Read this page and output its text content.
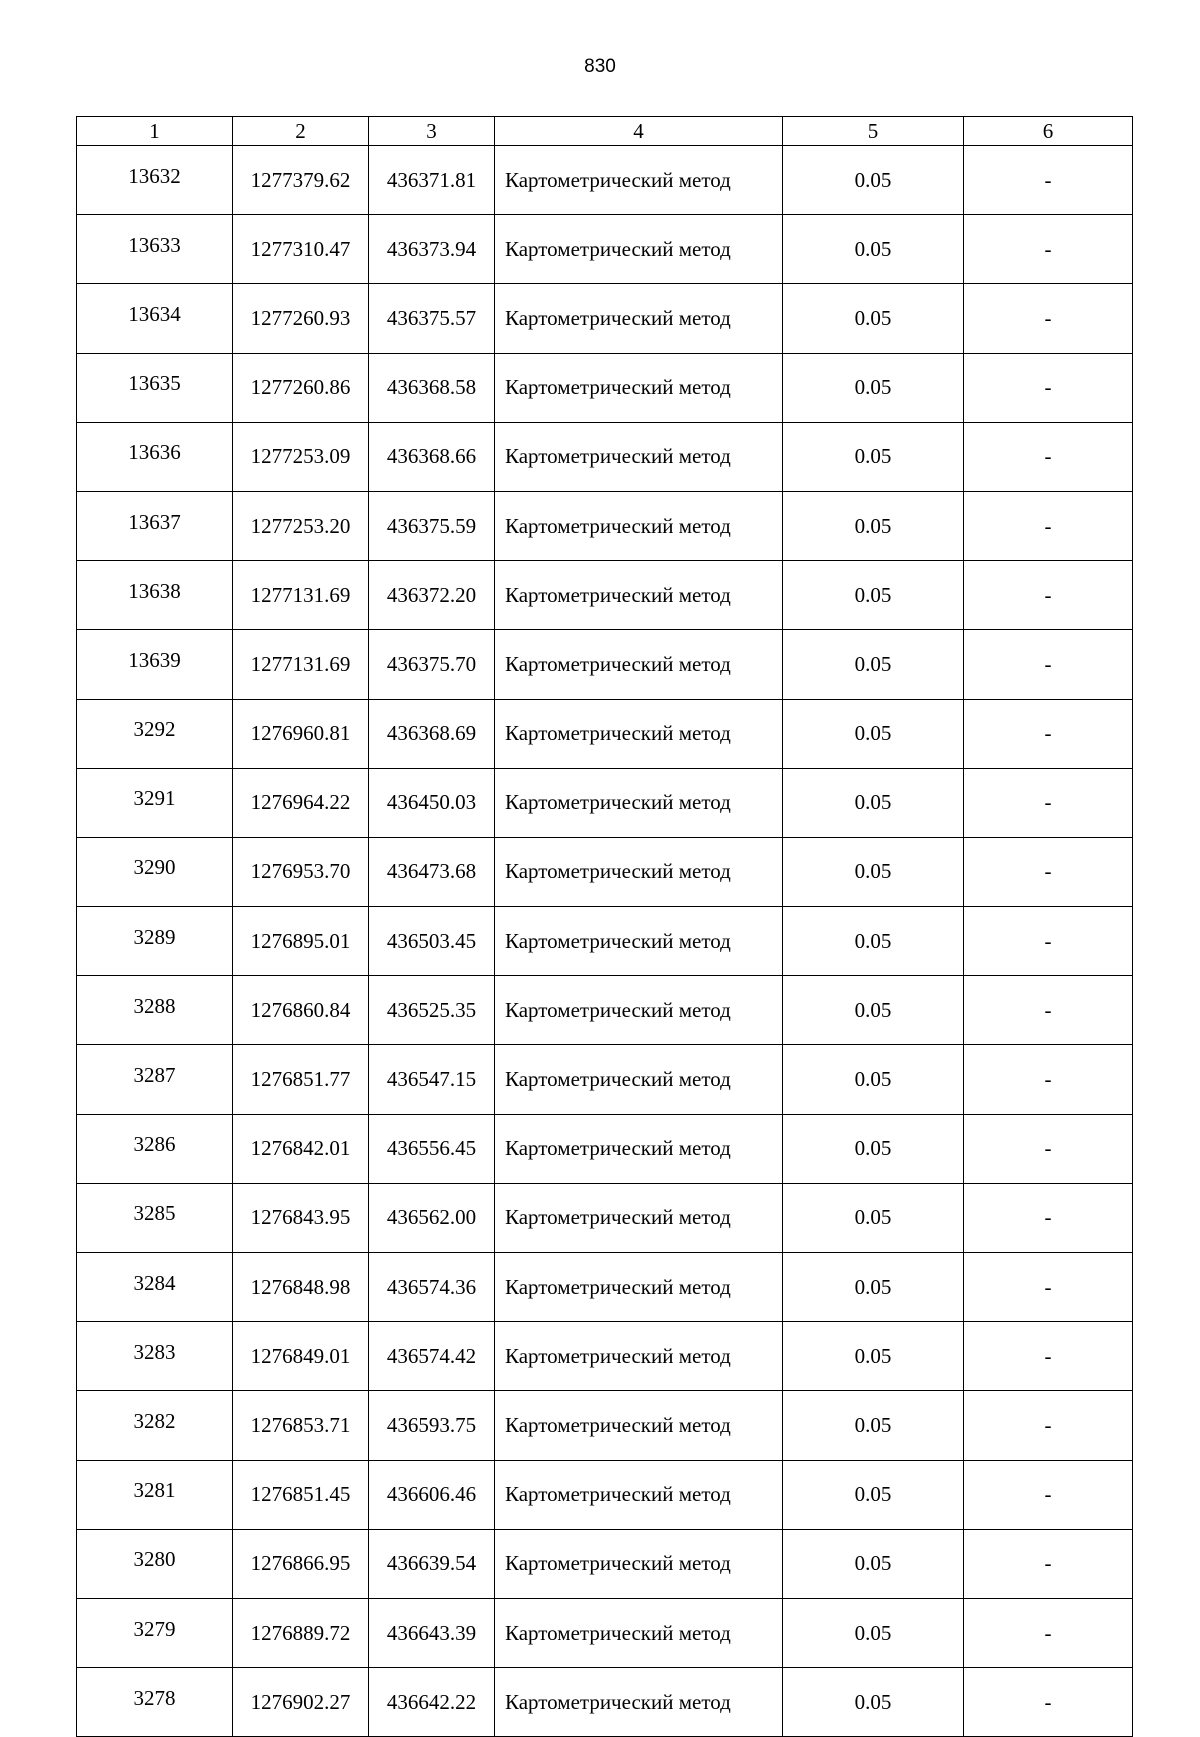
830
1	2	3	4	5	6
13632	1277379.62	436371.81	Картометрический метод	0.05	-
13633	1277310.47	436373.94	Картометрический метод	0.05	-
13634	1277260.93	436375.57	Картометрический метод	0.05	-
13635	1277260.86	436368.58	Картометрический метод	0.05	-
13636	1277253.09	436368.66	Картометрический метод	0.05	-
13637	1277253.20	436375.59	Картометрический метод	0.05	-
13638	1277131.69	436372.20	Картометрический метод	0.05	-
13639	1277131.69	436375.70	Картометрический метод	0.05	-
3292	1276960.81	436368.69	Картометрический метод	0.05	-
3291	1276964.22	436450.03	Картометрический метод	0.05	-
3290	1276953.70	436473.68	Картометрический метод	0.05	-
3289	1276895.01	436503.45	Картометрический метод	0.05	-
3288	1276860.84	436525.35	Картометрический метод	0.05	-
3287	1276851.77	436547.15	Картометрический метод	0.05	-
3286	1276842.01	436556.45	Картометрический метод	0.05	-
3285	1276843.95	436562.00	Картометрический метод	0.05	-
3284	1276848.98	436574.36	Картометрический метод	0.05	-
3283	1276849.01	436574.42	Картометрический метод	0.05	-
3282	1276853.71	436593.75	Картометрический метод	0.05	-
3281	1276851.45	436606.46	Картометрический метод	0.05	-
3280	1276866.95	436639.54	Картометрический метод	0.05	-
3279	1276889.72	436643.39	Картометрический метод	0.05	-
3278	1276902.27	436642.22	Картометрический метод	0.05	-
